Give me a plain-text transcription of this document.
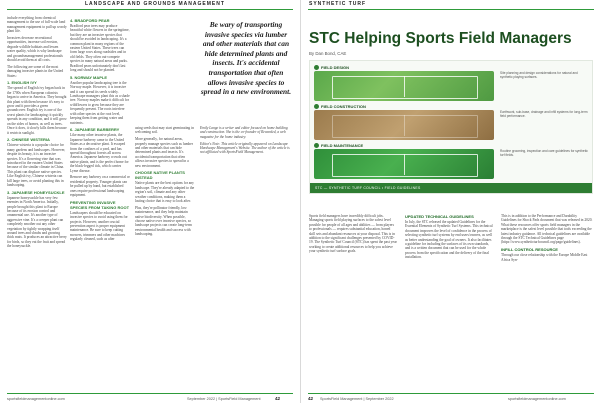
LANDSCAPE AND GROUNDS MANAGEMENT

include everything from chemical management to the use of full-scale land management equipment to pull up woody plant life.

Invasives decrease recreational opportunities, increase soil erosion, degrade wildlife habitats and lessen water quality, which is why landscape and groundsmanagement professionals should avoid them at all costs.

The following are some of the most damaging invasive plants in the United States:

1. ENGLISH IVY

The spread of English ivy began back in the 1700s when European colonists began to arrive in America. They brought this plant with them because it's easy to grow and it provides a green groundcover. English ivy is one of the worst plants for landscaping: it quickly spreads in any condition, and it will grow on the sides of homes, as well as trees. Once it does, it slowly kills them because it restricts sunlight.

2. CHINESE WISTERIA

Chinese wisteria is a popular choice for many gardens and landscapes. However, despite its beauty, it is an invasive species. It's a flowering vine that was introduced in the eastern United States because of the similar climate in China. This plant can displace native species. Like English ivy, Chinese wisteria can kill large trees, or avoid planting this in landscaping.

3. JAPANESE HONEYSUCKLE

Japanese honeysuckle has very few enemies in North America. Initially, people brought this plant to Europe because of its erosion control and ornamental use. It's another type of aggressive vine. It's a creeper plant can completely smother out any other vegetation by tightly wrapping itself around trees and shrubs and growing thick mats. It produces an attractive berry for birds, so they eat the fruit and spread the honeysuckle.

4. BRADFORD PEAR

Bradford pear trees may produce beautiful white flowers in the springtime, but they are an invasive species that should be avoided in landscaping. It's a common plant in many regions of the eastern United States. These trees can form large rows along roadsides and in old fields. They often out-compete species in many natural areas and parks. Bradford pears unfortunately don't last long and should not be planted.

5. NORWAY MAPLE

Another popular landscaping tree is the Norway maple. However, it is invasive and it can spread its seeds widely. Landscape managers plant this as a shade tree. Norway maples make it difficult for wildflowers to grow because they are frequently present. The roots interfere with other species at the root level, keeping them from getting water and nutrients.

6. JAPANESE BARBERRY

Like many other invasive plants, the Japanese barberry came to the United States as a decorative plant. It escaped from the confines of a yard, and has spread throughout forests all across America. Japanese barberry crowds out native plants, and is the perfect home for the black-legged tick, which carries Lyme disease.

Remove any barberry on a commercial or residential property. Younger plants can be pulled up by hand, but established ones require professional landscaping equipment.

PREVENTING INVASIVE SPECIES FROM TAKING ROOT

Landscapers should be educated on invasive species to avoid using them for projects. However, another crucial prevention aspect is proper equipment maintenance. Be sure to keep cutting mowers, trimmers and other machines regularly cleaned, such as after

Be wary of transporting invasive species via lumber and other materials that can hide determined plants and insects. It's accidental transportation that often allows invasive species to spread in a new environment.

using seeds that may start germinating in welcoming soil.

More generally, for natural areas, properly manage species such as lumber and other materials that can hide determined plants and insects. It's accidental transportation that often allows invasive species to spread in a new environment.

CHOOSE NATIVE PLANTS INSTEAD

Native plants are the best options for any landscape. They're already adapted to the region's soil, climate and any other weather conditions, making them a lasting choice that is easy to look after.

Plus, they're pollinator friendly, low maintenance, and they help maintain native biodiversity. When possible, choose native over invasive species, so landscape projects can create long-term environmental health and success with landscaping.

Emily Lange is a writer and editor focused on home building and construction. She is the co-founder of Rewarded, a web magazine for the home industry.

Editor's Note: This article originally appeared on Landscape Hardscape Management's Website. The author of the article is not affiliated with SportsField Management.

sportsfieldmanagementonline.com	September 2022 | SportsField Management	42
SYNTHETIC TURF
STC Helping Sports Field Managers
By Dan Bond, CAE
FIELD DESIGN
Site planning and design considerations for natural and synthetic playing surfaces.
FIELD CONSTRUCTION
Earthwork, sub-base, drainage and infill systems for long-term field performance.
FIELD MAINTENANCE
Routine grooming, inspection and care guidelines for synthetic turf fields.
STC — SYNTHETIC TURF COUNCIL • FIELD GUIDELINES

Sports field managers have incredibly difficult jobs. Managing sports field playing surfaces to the safest level possible for people of all ages and abilities — from players to professionals — requires substantial education, honed skill sets and abundant resources at your disposal. This is in addition to the significant challenges presented by COVID-19. The Synthetic Turf Council (STC) has spent the past year working to create additional resources to help you achieve your synthetic turf surface goals.

UPDATED TECHNICAL GUIDELINES

In July, the STC released the updated Guidelines for the Essential Elements of Synthetic Turf Systems. This technical document improves the level of confidence in the process of selecting synthetic turf systems by end users/owners, as well as better understanding the goal of owners. It also facilitates a guideline for including the surfaces of its own standards, and is a written document that can be used for the whole process from the specification and the delivery of the final installation.

This is in addition to the Performance and Durability Guidelines for Shock Pads document that was released in 2020. What these resources offer sports field managers in the marketplace is the safest level possible that tools exceeding the latest industry guidance. All technical guidelines are available through the STC Technical Guidelines page (https://www.syntheticturfcouncil.org/page/guidelines).

INFILL CONTROL RESOURCE

Through our close relationship with the Europe Middle East Africa Syn-

42 SportsField Management | September 2022	sportsfieldmanagementonline.com
